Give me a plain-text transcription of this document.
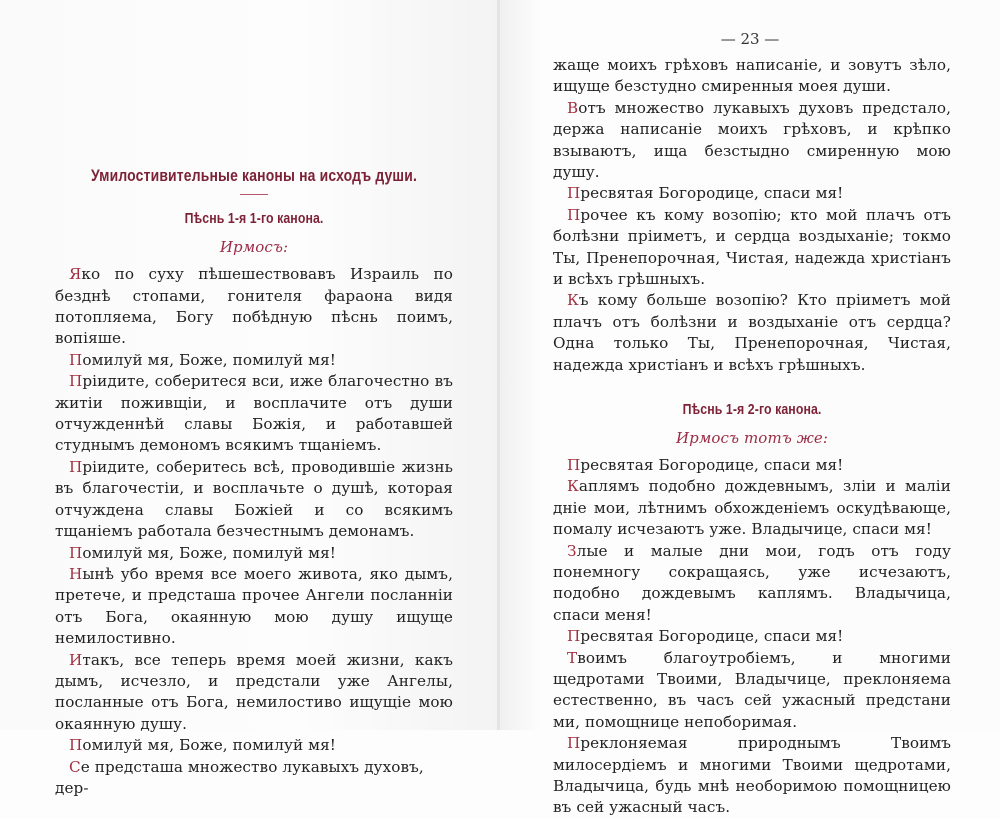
Умилостивительные каноны на исходъ души.
Пѣснь 1-я 1-го канона.
Ирмосъ:

Яко по суху пѣшешествовавъ Израиль по безднѣ стопами, гонителя фараона видя потопляема, Богу побѣдную пѣснь поимъ, вопіяше.

Помилуй мя, Боже, помилуй мя!

Пріидите, соберитеся вси, иже благочестно въ житіи поживщіи, и восплачите отъ души отчужденнѣй славы Божія, и работавшей студнымъ демономъ всякимъ тщаніемъ.

Пріидите, соберитесь всѣ, проводившіе жизнь въ благочестіи, и восплачьте о душѣ, которая отчуждена славы Божіей и со всякимъ тщаніемъ работала безчестнымъ демонамъ.

Помилуй мя, Боже, помилуй мя!

Нынѣ убо время все моего живота, яко дымъ, претече, и предсташа прочее Ангели посланніи отъ Бога, окаянную мою душу ищуще немилостивно.

Итакъ, все теперь время моей жизни, какъ дымъ, исчезло, и предстали уже Ангелы, посланные отъ Бога, немилостиво ищущіе мою окаянную душу.

Помилуй мя, Боже, помилуй мя!

Се предсташа множество лукавыхъ духовъ, дер-

— 23 —

жаще моихъ грѣховъ написаніе, и зовутъ зѣло, ищуще безстудно смиренныя моея души.

Вотъ множество лукавыхъ духовъ предстало, держа написаніе моихъ грѣховъ, и крѣпко взываютъ, ища безстыдно смиренную мою душу.

Пресвятая Богородице, спаси мя!

Прочее къ кому возопію; кто мой плачъ отъ болѣзни пріиметъ, и сердца воздыханіе; токмо Ты, Пренепорочная, Чистая, надежда христіанъ и всѣхъ грѣшныхъ.

Къ кому больше возопію? Кто пріиметъ мой плачъ отъ болѣзни и воздыханіе отъ сердца? Одна только Ты, Пренепорочная, Чистая, надежда христіанъ и всѣхъ грѣшныхъ.

Пѣснь 1-я 2-го канона.
Ирмосъ тотъ же:

Пресвятая Богородице, спаси мя!

Каплямъ подобно дождевнымъ, зліи и маліи дніе мои, лѣтнимъ обхожденіемъ оскудѣвающе, помалу исчезаютъ уже. Владычице, спаси мя!

Злые и малые дни мои, годъ отъ году понемногу сокращаясь, уже исчезаютъ, подобно дождевымъ каплямъ. Владычица, спаси меня!

Пресвятая Богородице, спаси мя!

Твоимъ благоутробіемъ, и многими щедротами Твоими, Владычице, преклоняема естественно, въ часъ сей ужасный предстани ми, помощнице непоборимая.

Преклоняемая природнымъ Твоимъ милосердіемъ и многими Твоими щедротами, Владычица, будь мнѣ необоримою помощницею въ сей ужасный часъ.
